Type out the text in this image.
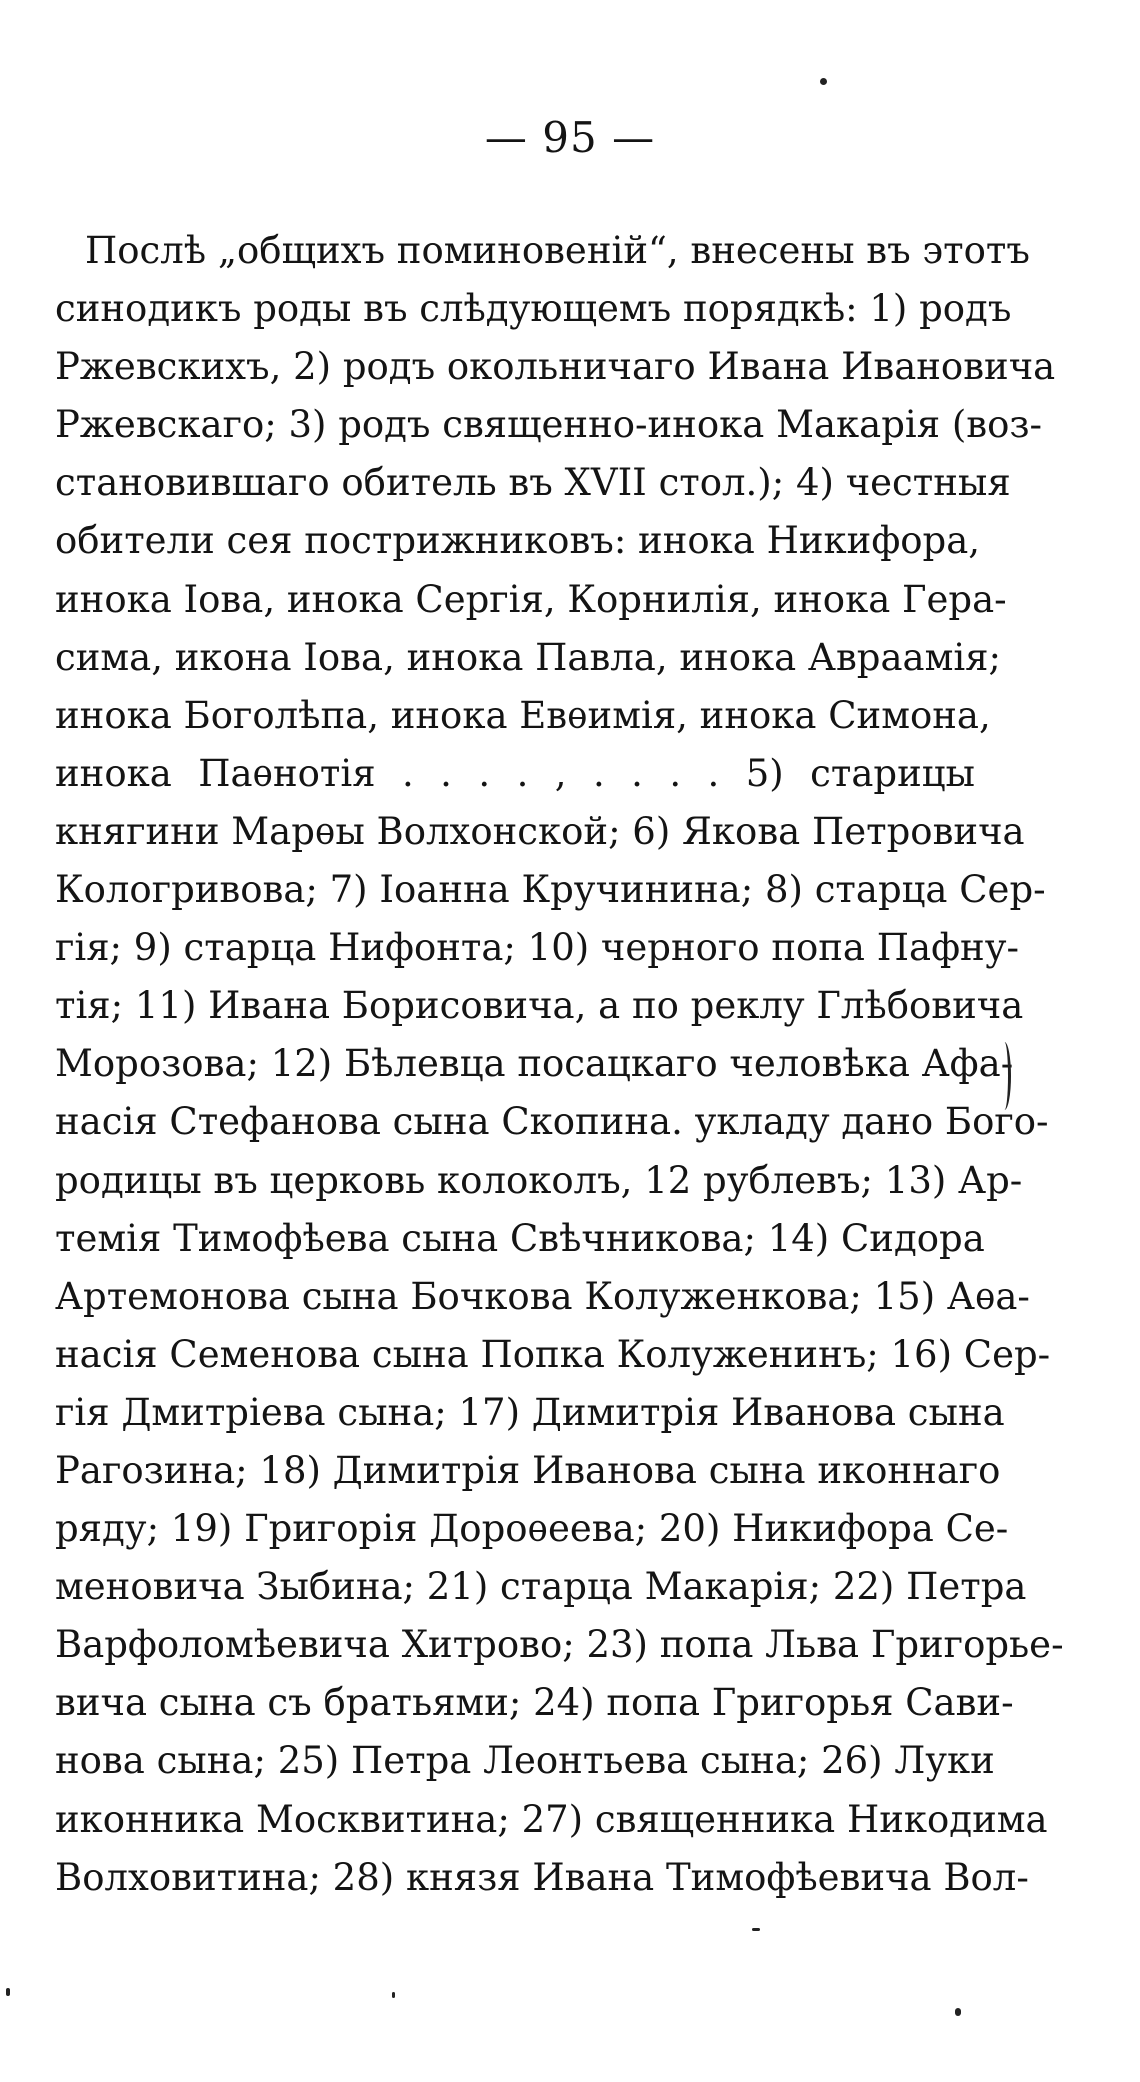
— 95 —
Послѣ „общихъ поминовеній“, внесены въ этотъ
синодикъ роды въ слѣдующемъ порядкѣ: 1) родъ
Ржевскихъ, 2) родъ окольничаго Ивана Ивановича
Ржевскаго; 3) родъ священно-инока Макарія (воз-
становившаго обитель въ XVII стол.); 4) честныя
обители сея пострижниковъ: инока Никифора,
инока Іова, инока Сергія, Корнилія, инока Гера-
сима, икона Іова, инока Павла, инока Авраамія;
инока Боголѣпа, инока Евѳимія, инока Симона,
инока Паѳнотія . . . . , . . . . 5) старицы
княгини Марѳы Волхонской; 6) Якова Петровича
Кологривова; 7) Іоанна Кручинина; 8) старца Сер-
гія; 9) старца Нифонта; 10) черного попа Пафну-
тія; 11) Ивана Борисовича, а по реклу Глѣбовича
Морозова; 12) Бѣлевца посацкаго человѣка Афа-
насія Стефанова сына Скопина. укладу дано Бого-
родицы въ церковь колоколъ, 12 рублевъ; 13) Ар-
темія Тимофѣева сына Свѣчникова; 14) Сидора
Артемонова сына Бочкова Колуженкова; 15) Аѳа-
насія Семенова сына Попка Колуженинъ; 16) Сер-
гія Дмитріева сына; 17) Димитрія Иванова сына
Рагозина; 18) Димитрія Иванова сына иконнаго
ряду; 19) Григорія Дороѳеева; 20) Никифора Се-
меновича Зыбина; 21) старца Макарія; 22) Петра
Варфоломѣевича Хитрово; 23) попа Льва Григорье-
вича сына съ братьями; 24) попа Григорья Сави-
нова сына; 25) Петра Леонтьева сына; 26) Луки
иконника Москвитина; 27) священника Никодима
Волховитина; 28) князя Ивана Тимофѣевича Вол-
